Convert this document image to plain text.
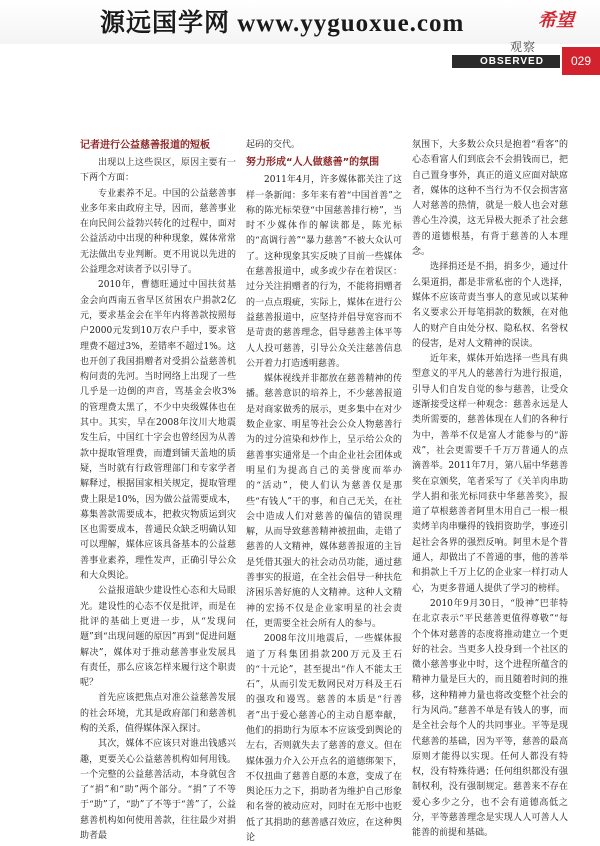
源远国学网 www.yyguoxue.com	希望
观察
OBSERVED	029
记者进行公益慈善报道的短板

出现以上这些误区，原因主要有一下两个方面：

专业素养不足。中国的公益慈善事业多年来由政府主导，因而，慈善事业在向民间公益勃兴转化的过程中，面对公益活动中出现的种种现象，媒体常常无法做出专业判断。更不用说以先进的公益理念对读者予以引导了。

2010年，曹德旺通过中国扶贫基金会向西南五省旱区贫困农户捐款2亿元，要求基金会在半年内将善款按照每户2000元发到10万农户手中，要求管理费不超过3%，差错率不超过1%。这也开创了我国捐赠者对受捐公益慈善机构问责的先河。当时网络上出现了一些几乎是一边倒的声音，骂基金会收3%的管理费太黑了，不少中央级媒体也在其中。其实，早在2008年汶川大地震发生后，中国红十字会也曾经因为从善款中提取管理费，而遭到铺天盖地的质疑，当时就有行政管理部门和专家学者解释过，根据国家相关规定，提取管理费上限是10%，因为做公益需要成本，募集善款需要成本，把救灾物质运到灾区也需要成本，普通民众缺乏明确认知可以理解，媒体应该具备基本的公益慈善事业素养，理性发声，正确引导公众和大众舆论。

公益报道缺少建设性心态和大局眼光。建设性的心态不仅是批评，而是在批评的基础上更进一步，从“发现问题”到“出现问题的原因”再到“促进问题解决”，媒体对于推动慈善事业发展具有责任，那么应该怎样来履行这个职责呢？

首先应该把焦点对准公益慈善发展的社会环境，尤其是政府部门和慈善机构的关系，值得媒体深入探讨。

其次，媒体不应该只对谁出钱感兴趣，更要关心公益慈善机构如何用钱。一个完整的公益慈善活动，本身就包含了“捐”和“助”两个部分。“捐”了不等于“助”了，“助”了不等于“善”了，公益慈善机构如何使用善款，往往最少对捐助者最

起码的交代。

努力形成“人人做慈善”的氛围

2011年4月，许多媒体都关注了这样一条新闻：多年来有着“中国首善”之称的陈光标荣登“中国慈善排行榜”，当时不少媒体作的解读都是，陈光标的“高调行善”“暴力慈善”不被大众认可了。这种现象其实反映了目前一些媒体在慈善报道中，或多或少存在着误区：过分关注捐赠者的行为，不能将捐赠者的一点点瑕疵，实际上，媒体在进行公益慈善报道中，应坚持并倡导宽容而不是苛责的慈善理念，倡导慈善主体平等人人投可慈善，引导公众关注慈善信息公开着力打造透明慈善。

媒体视线并非都放在慈善精神的传播。慈善意识的培养上，不少慈善报道是对商家做秀的展示，更多集中在对少数企业家、明星等社会公众人物慈善行为的过分渲染和炒作上，呈示给公众的慈善事实通常是一个由企业社会团体或明星们为提高自己的美誉度而举办的“活动”，使人们认为慈善仅是那些“有钱人”干的事，和自己无关，在社会中造成人们对慈善的偏信的错误理解，从而导致慈善精神被扭曲，走错了慈善的人文精神，媒体慈善报道的主旨是凭借其强大的社会动员功能，通过慈善事实的报道，在全社会倡导一种扶危济困乐善好施的人文精神。这种人文精神的宏扬不仅是企业家明星的社会责任，更需要全社会所有人的参与。

2008年汶川地震后，一些媒体报道了万科集团捐款200万元及王石的“十元论”，甚至提出“作人不能太王石”，从而引发无数网民对万科及王石的强攻和谩骂。慈善的本质是“行善者”出于爱心慈善心的主动自愿奉献，他们的捐助行为原本不应该受到舆论的左右，否则就失去了慈善的意义。但在媒体强力介入公开点名的道德绑架下，不仅扭曲了慈善自愿的本意，变成了在舆论压力之下，捐助者为维护自己形象和名誉的被动应对，同时在无形中也贬低了其捐助的慈善感召效应，在这种舆论

氛围下，大多数公众只是抱着“看客”的心态看富人们到底会不会捐钱而已，把自己置身事外，真正的道义应面对缺席者，媒体的这种不当行为不仅会损害富人对慈善的热情，就是一般人也会对慈善心生冷漠，这无异极大扼杀了社会慈善的道德根基，有背于慈善的人本理念。

选择捐还是不捐，捐多少，通过什么渠道捐，都是非常私密的个人选择，媒体不应该苛责当事人的意见或以某种名义要求公开每笔捐款的数额，在对他人的财产自由处分权、隐私权、名誉权的侵害，是对人文精神的误读。

近年来，媒体开始选择一些具有典型意义的平凡人的慈善行为进行报道，引导人们自发自觉的参与慈善，让受众逐渐接受这样一种观念：慈善永远是人类所需要的，慈善体现在人们的各种行为中，善举不仅是富人才能参与的“游戏”，社会更需要千千万万普通人的点滴善举。2011年7月，第八届中华慈善奖在京颁奖，笔者采写了《关羊肉串助学人捐和张光标同获中华慈善奖》，报道了草根慈善者阿里木用自己一根一根卖烤羊肉串赚得的钱捐资助学，事迹引起社会各界的强烈反响。阿里木是个普通人，却做出了不普通的事，他的善举和捐款上千万上亿的企业家一样打动人心，为更多普通人提供了学习的榜样。

2010年9月30日，“股神”巴菲特在北京表示“平民慈善更值得尊敬”“每个个体对慈善的态度将推动建立一个更好的社会。当更多人投身到一个社区的微小慈善事业中时，这个进程所蕴含的精神力量是巨大的，而且随着时间的推移，这种精神力量也将改变整个社会的行为风尚。”慈善不单是有钱人的事，而是全社会每个人的共同事业。平等是现代慈善的基础，因为平等，慈善的最高原则才能得以实现。任何人都没有特权，没有特殊待遇；任何组织都没有强制权利，没有强制规定。慈善来不存在爱心多少之分，也不会有道德高低之分，平等慈善理念是实现人人可善人人能善的前提和基础。
